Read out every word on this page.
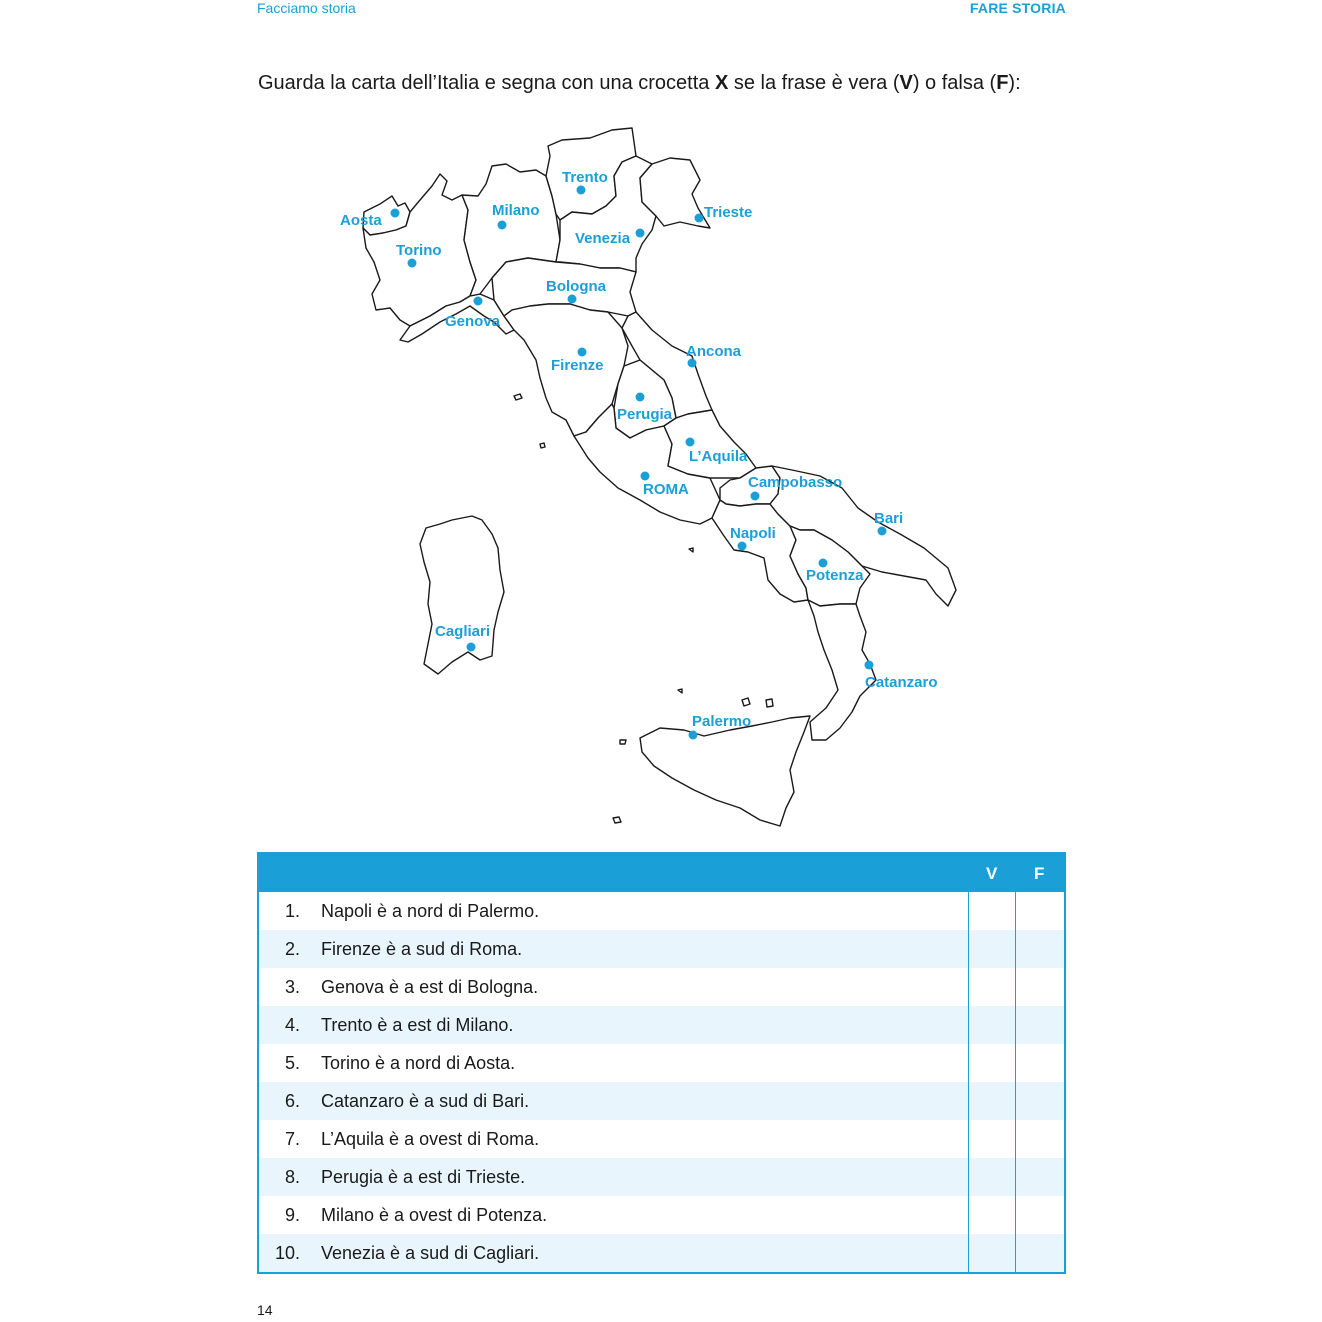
Facciamo storia	FARE STORIA
Guarda la carta dell’Italia e segna con una crocetta X se la frase è vera (V) o falsa (F):
Aosta
Torino
Milano
Trento
Trieste
Venezia
Genova
Bologna
Firenze
Ancona
Perugia
L’Aquila
ROMA	Campobasso
Bari
Napoli
Potenza
Cagliari
Catanzaro
Palermo
V F
1. Napoli è a nord di Palermo.
2. Firenze è a sud di Roma.
3. Genova è a est di Bologna.
4. Trento è a est di Milano.
5. Torino è a nord di Aosta.
6. Catanzaro è a sud di Bari.
7. L’Aquila è a ovest di Roma.
8. Perugia è a est di Trieste.
9. Milano è a ovest di Potenza.
10. Venezia è a sud di Cagliari.
14
